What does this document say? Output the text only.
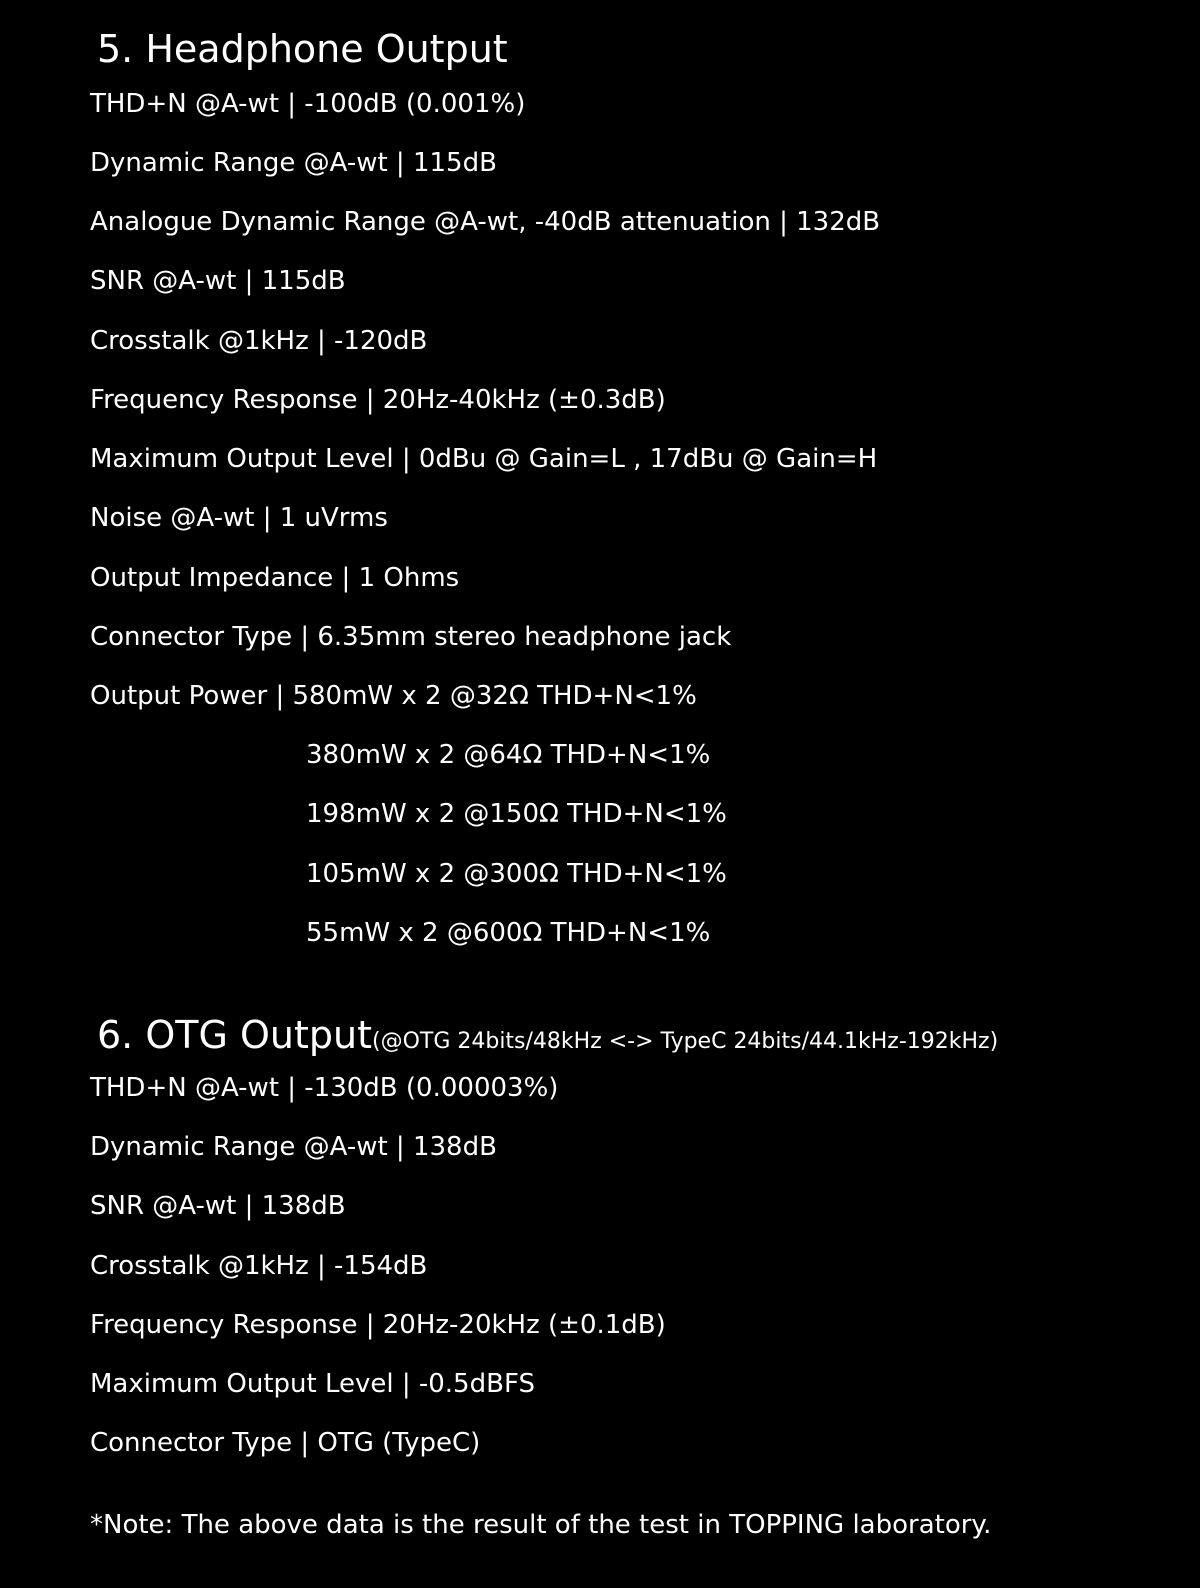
5. Headphone Output

THD+N @A-wt | -100dB (0.001%)

Dynamic Range @A-wt | 115dB

Analogue Dynamic Range @A-wt, -40dB attenuation | 132dB

SNR @A-wt | 115dB

Crosstalk @1kHz | -120dB

Frequency Response | 20Hz-40kHz (±0.3dB)

Maximum Output Level | 0dBu @ Gain=L , 17dBu @ Gain=H

Noise @A-wt | 1 uVrms

Output Impedance | 1 Ohms

Connector Type | 6.35mm stereo headphone jack

Output Power | 580mW x 2 @32Ω THD+N<1%

380mW x 2 @64Ω THD+N<1%

198mW x 2 @150Ω THD+N<1%

105mW x 2 @300Ω THD+N<1%

55mW x 2 @600Ω THD+N<1%

6. OTG Output(@OTG 24bits/48kHz <-> TypeC 24bits/44.1kHz-192kHz)

THD+N @A-wt | -130dB (0.00003%)

Dynamic Range @A-wt | 138dB

SNR @A-wt | 138dB

Crosstalk @1kHz | -154dB

Frequency Response | 20Hz-20kHz (±0.1dB)

Maximum Output Level | -0.5dBFS

Connector Type | OTG (TypeC)

*Note: The above data is the result of the test in TOPPING laboratory.
